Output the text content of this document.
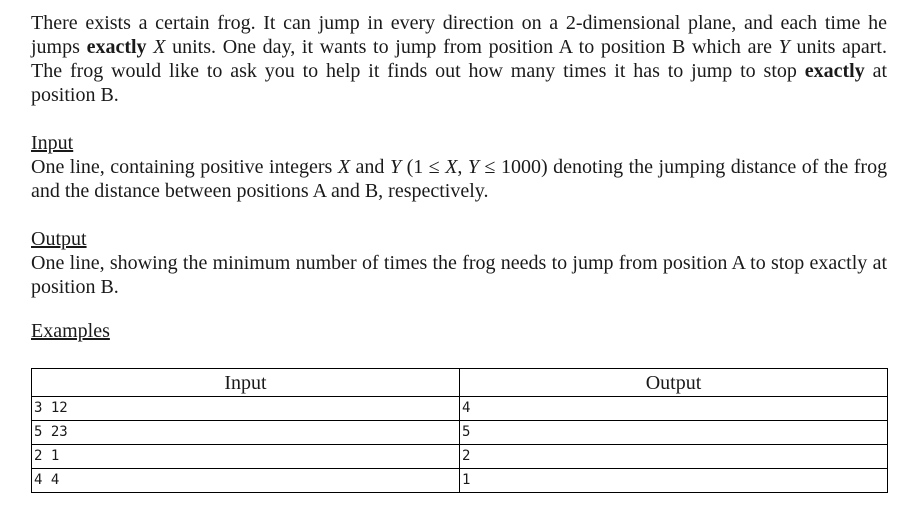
There exists a certain frog. It can jump in every direction on a 2-dimensional plane, and each time he jumps exactly X units. One day, it wants to jump from position A to position B which are Y units apart. The frog would like to ask you to help it finds out how many times it has to jump to stop exactly at position B.

Input

One line, containing positive integers X and Y (1 ≤ X, Y ≤ 1000) denoting the jumping distance of the frog and the distance between positions A and B, respectively.

Output

One line, showing the minimum number of times the frog needs to jump from position A to stop exactly at position B.

Examples

Input	Output
3 12	4
5 23	5
2 1	2
4 4	1
